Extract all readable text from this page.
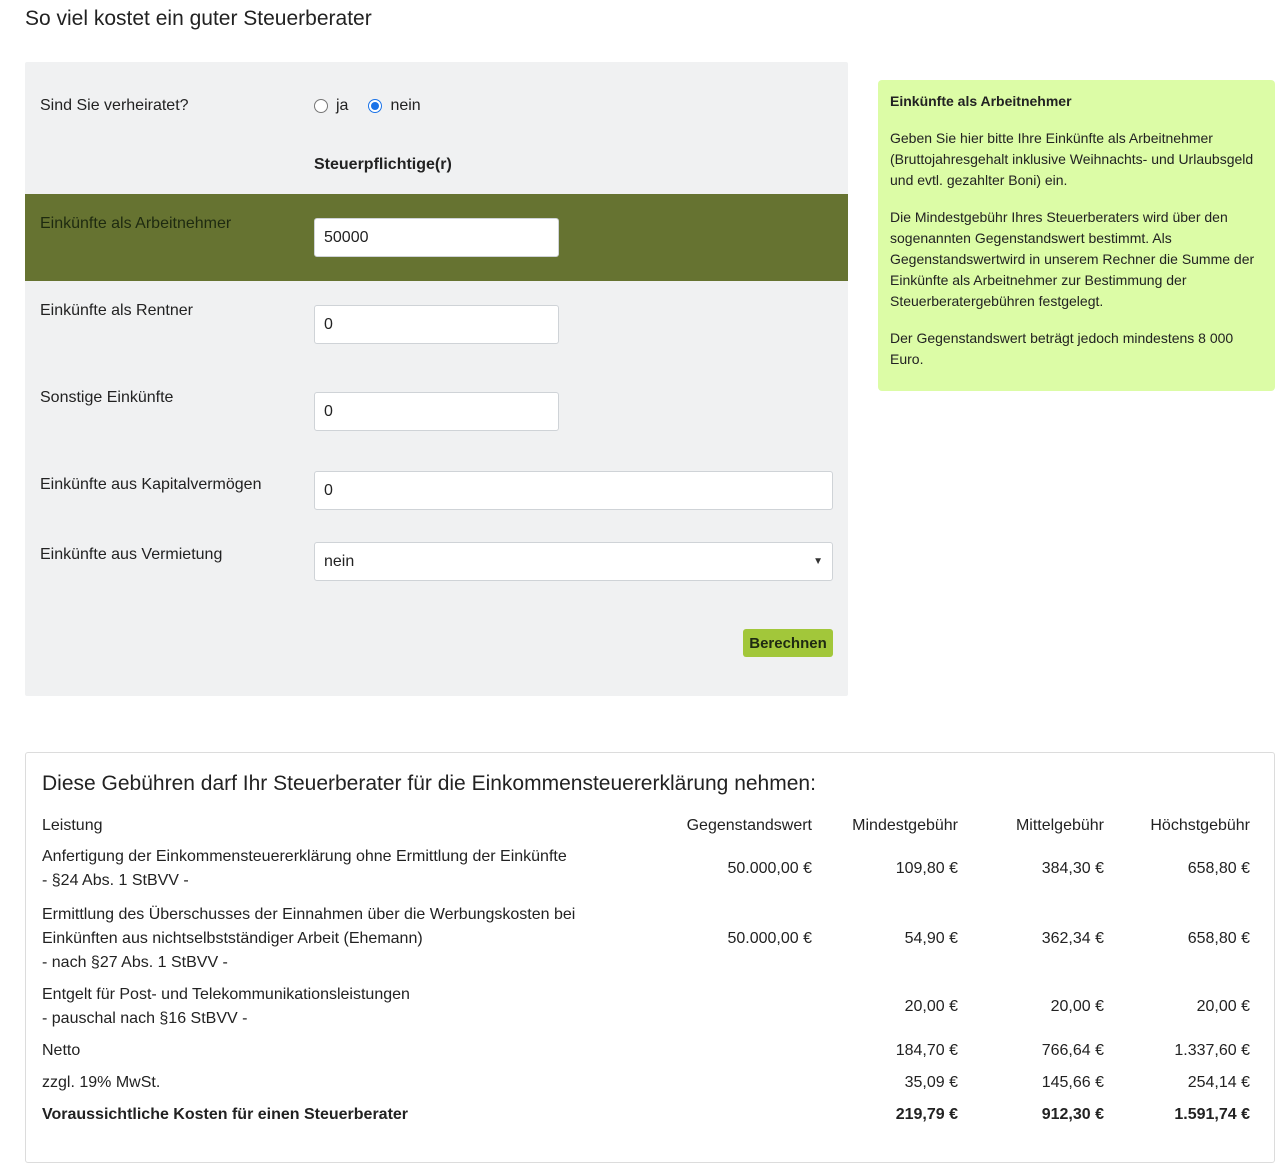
So viel kostet ein guter Steuerberater
Sind Sie verheiratet?	ja	nein
Steuerpflichtige(r)
Einkünfte als Arbeitnehmer
50000
Einkünfte als Rentner
0
Sonstige Einkünfte
0
Einkünfte aus Kapitalvermögen	0
Einkünfte aus Vermietung	nein	▼
Berechnen

Einkünfte als Arbeitnehmer

Geben Sie hier bitte Ihre Einkünfte als Arbeitnehmer (Bruttojahresgehalt inklusive Weihnachts- und Urlaubsgeld und evtl. gezahlter Boni) ein.

Die Mindestgebühr Ihres Steuerberaters wird über den sogenannten Gegenstandswert bestimmt. Als Gegenstandswertwird in unserem Rechner die Summe der Einkünfte als Arbeitnehmer zur Bestimmung der Steuerberatergebühren festgelegt.

Der Gegenstandswert beträgt jedoch mindestens 8 000 Euro.

Diese Gebühren darf Ihr Steuerberater für die Einkommensteuererklärung nehmen:
Leistung	Gegenstandswert	Mindestgebühr	Mittelgebühr	Höchstgebühr

Anfertigung der Einkommensteuererklärung ohne Ermittlung der Einkünfte
- §24 Abs. 1 StBVV -	50.000,00 €	109,80 €	384,30 €	658,80 €

Ermittlung des Überschusses der Einnahmen über die Werbungskosten bei
Einkünften aus nichtselbstständiger Arbeit (Ehemann)
- nach §27 Abs. 1 StBVV -	50.000,00 €	54,90 €	362,34 €	658,80 €

Entgelt für Post- und Telekommunikationsleistungen
- pauschal nach §16 StBVV -		20,00 €	20,00 €	20,00 €
Netto		184,70 €	766,64 €	1.337,60 €
zzgl. 19% MwSt.		35,09 €	145,66 €	254,14 €
Voraussichtliche Kosten für einen Steuerberater		219,79 €	912,30 €	1.591,74 €
